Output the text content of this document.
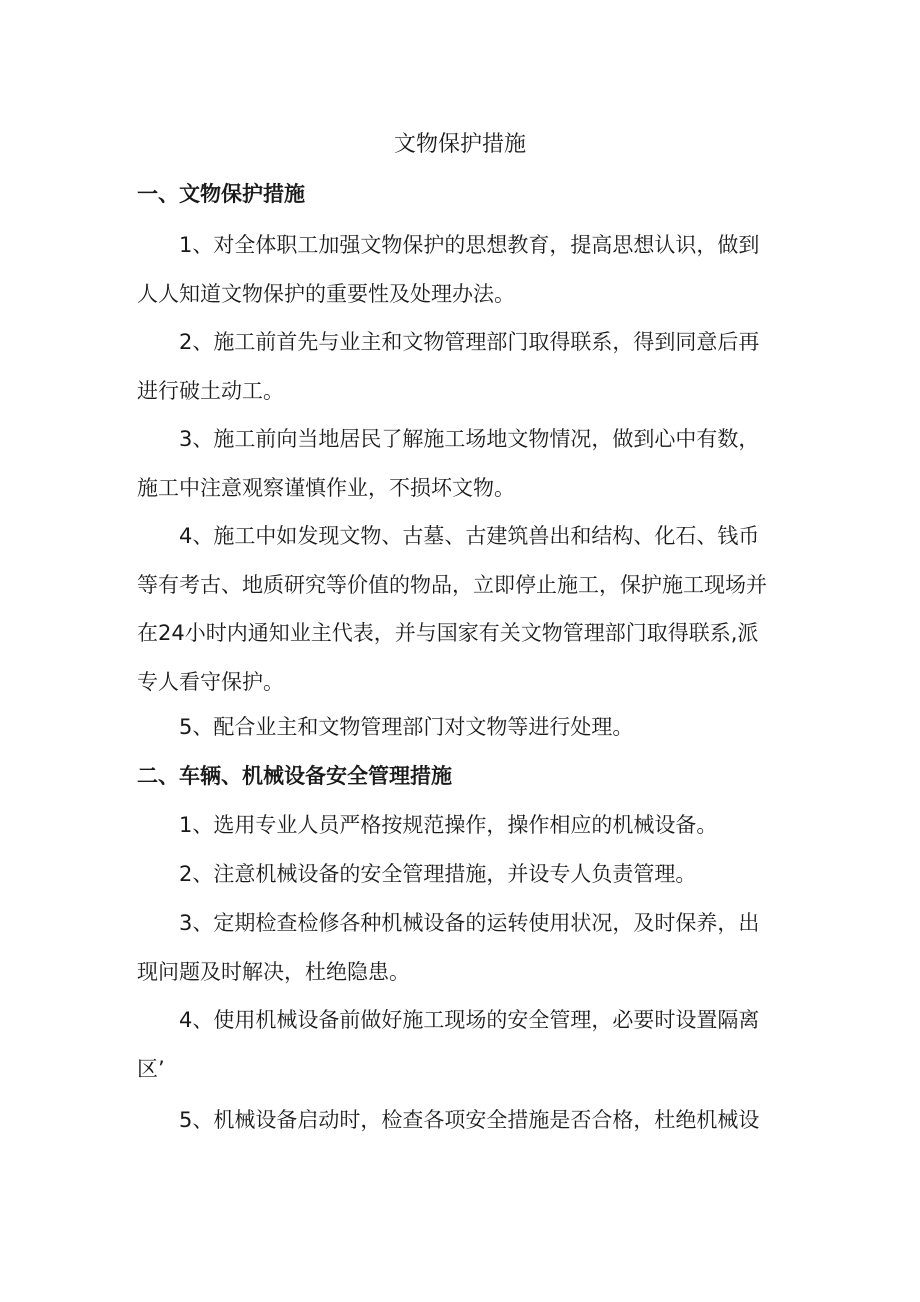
文物保护措施
一、文物保护措施
1、对全体职工加强文物保护的思想教育，提高思想认识，做到
人人知道文物保护的重要性及处理办法。
2、施工前首先与业主和文物管理部门取得联系，得到同意后再
进行破土动工。
3、施工前向当地居民了解施工场地文物情况，做到心中有数，
施工中注意观察谨慎作业，不损坏文物。
4、施工中如发现文物、古墓、古建筑兽出和结构、化石、钱币
等有考古、地质研究等价值的物品，立即停止施工，保护施工现场并
在24小时内通知业主代表，并与国家有关文物管理部门取得联系,派
专人看守保护。
5、配合业主和文物管理部门对文物等进行处理。
二、车辆、机械设备安全管理措施
1、选用专业人员严格按规范操作，操作相应的机械设备。
2、注意机械设备的安全管理措施，并设专人负责管理。
3、定期检查检修各种机械设备的运转使用状况，及时保养，出
现问题及时解决，杜绝隐患。
4、使用机械设备前做好施工现场的安全管理，必要时设置隔离
区’
5、机械设备启动时，检查各项安全措施是否合格，杜绝机械设
